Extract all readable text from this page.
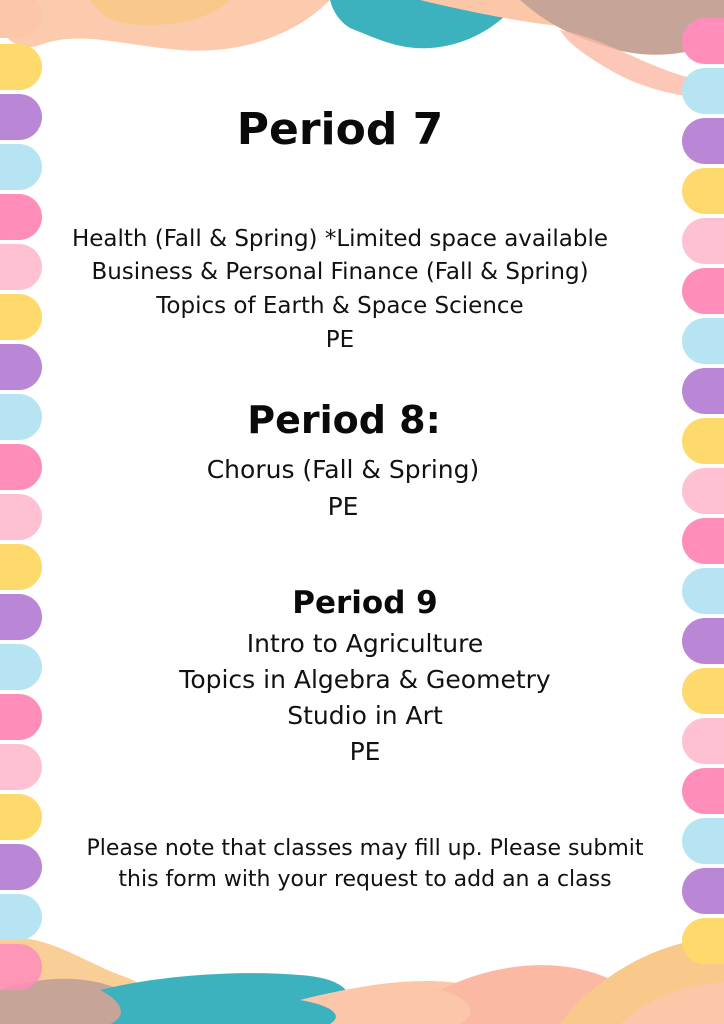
Period 7

Health (Fall & Spring) *Limited space available

Business & Personal Finance (Fall & Spring)

Topics of Earth & Space Science

PE

Period 8:

Chorus (Fall & Spring)

PE

Period 9

Intro to Agriculture

Topics in Algebra & Geometry

Studio in Art

PE

Please note that classes may fill up. Please submit

this form with your request to add an a class
